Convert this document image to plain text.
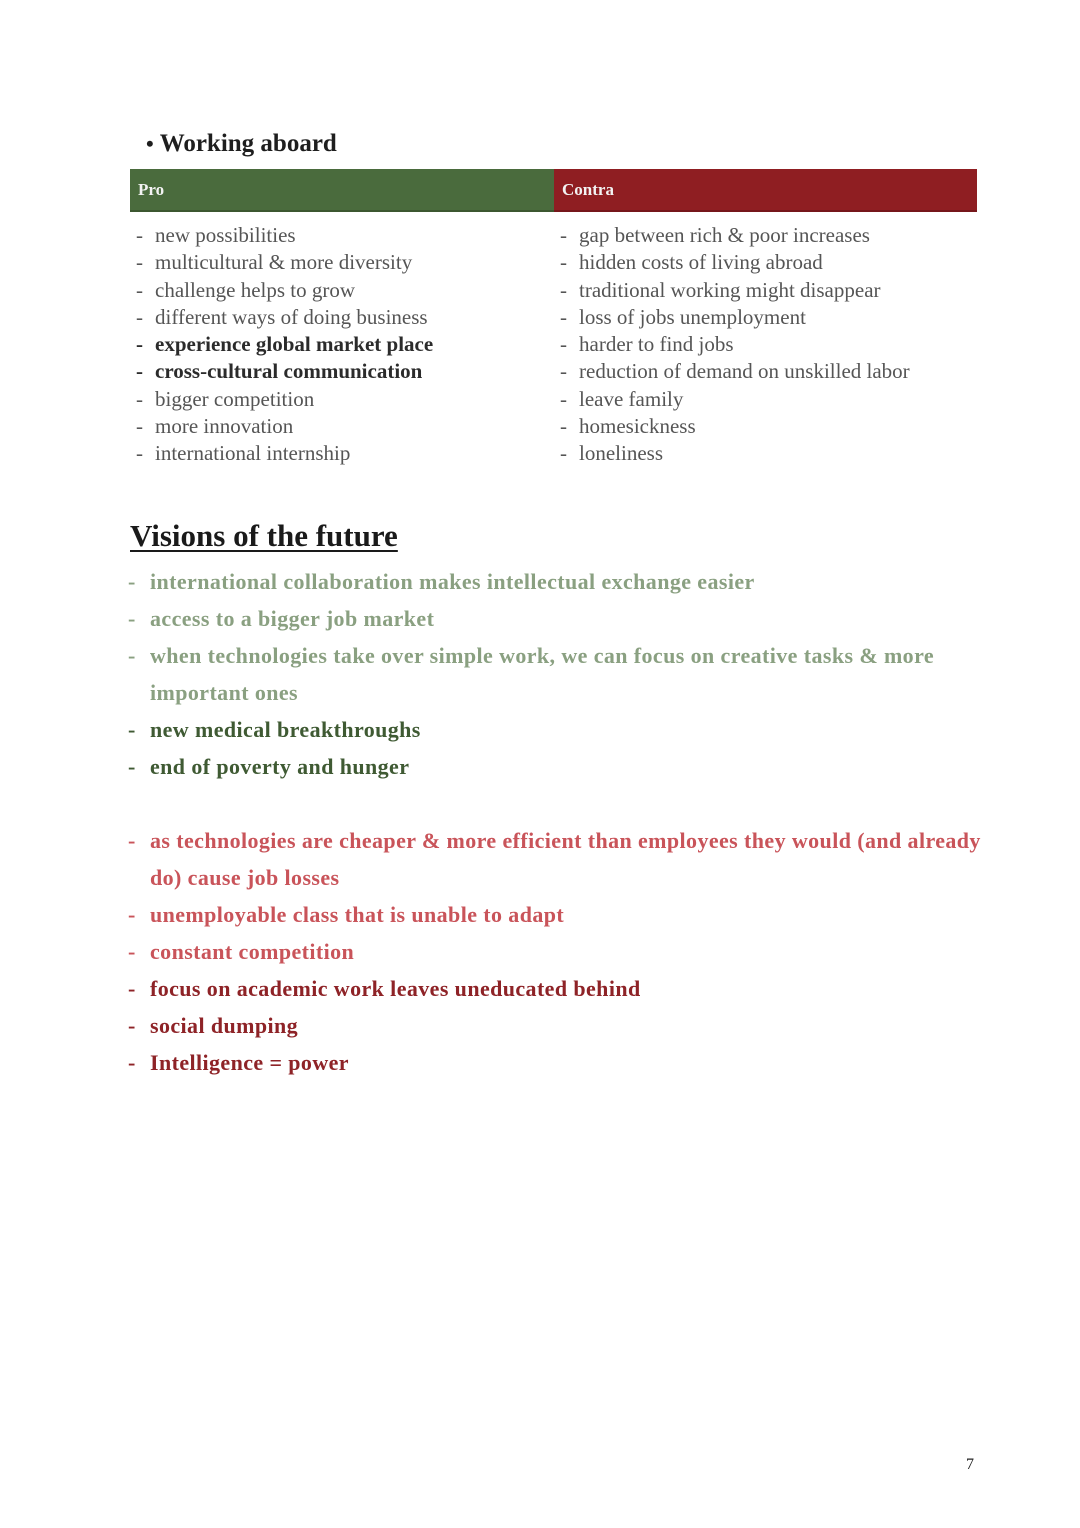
• Working aboard
Pro	Contra
- new possibilities
- multicultural & more diversity
- challenge helps to grow
- different ways of doing business
- experience global market place
- cross-cultural communication
- bigger competition
- more innovation
- international internship
- gap between rich & poor increases
- hidden costs of living abroad
- traditional working might disappear
- loss of jobs unemployment
- harder to find jobs
- reduction of demand on unskilled labor
- leave family
- homesickness
- loneliness
Visions of the future
- international collaboration makes intellectual exchange easier
- access to a bigger job market
- when technologies take over simple work, we can focus on creative tasks & more important ones
- new medical breakthroughs
- end of poverty and hunger
- as technologies are cheaper & more efficient than employees they would (and already do) cause job losses
- unemployable class that is unable to adapt
- constant competition
- focus on academic work leaves uneducated behind
- social dumping
- Intelligence = power
7
